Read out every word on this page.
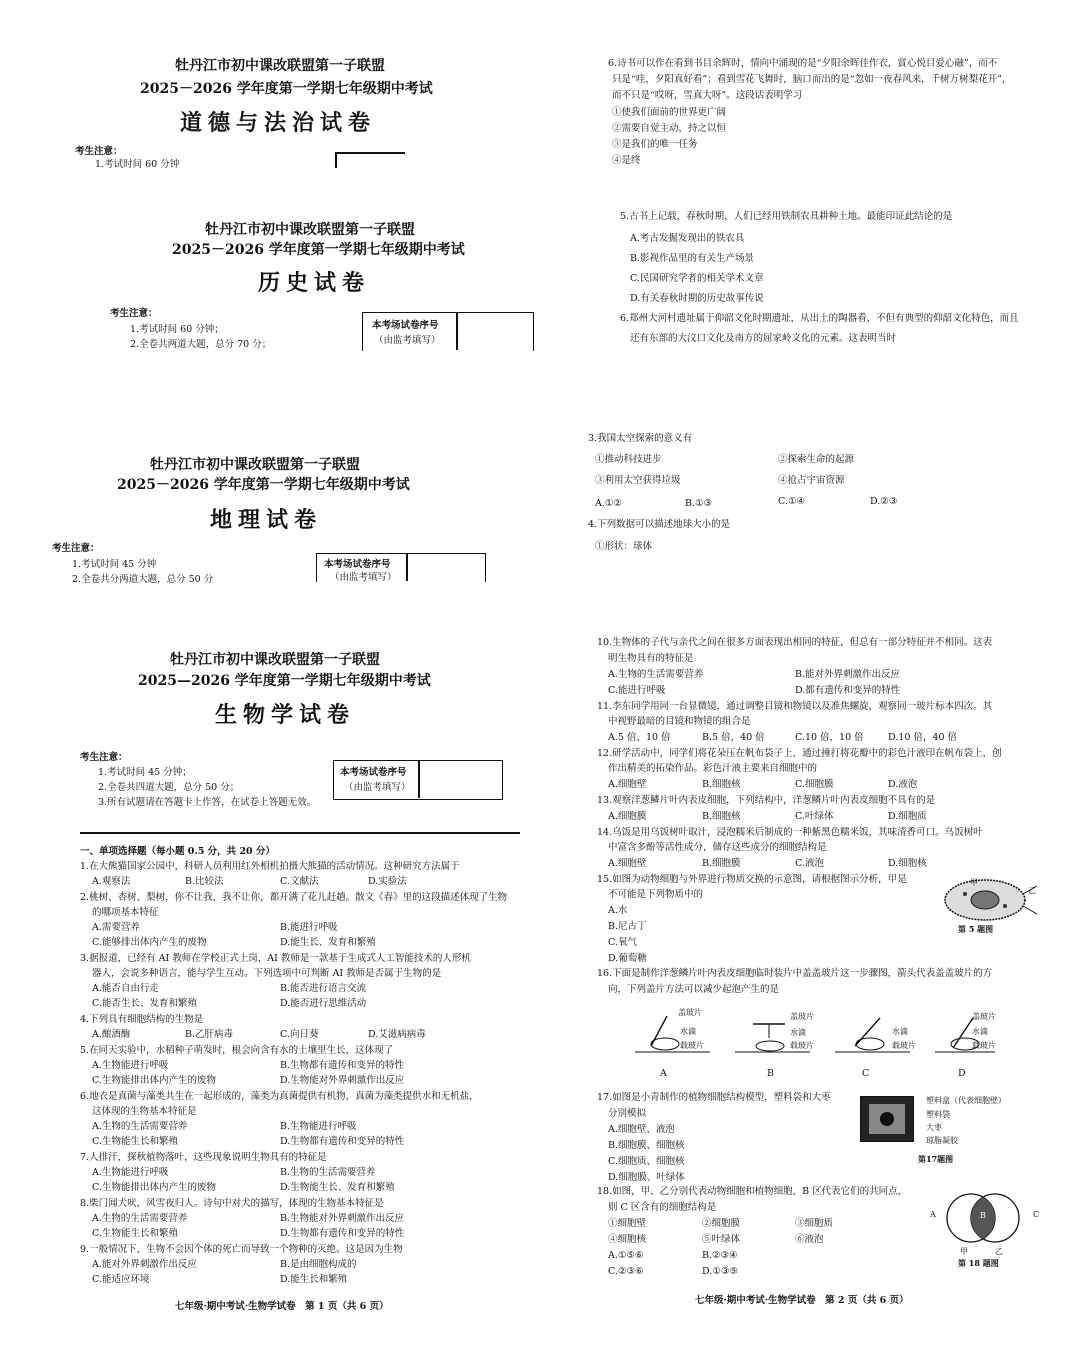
牡丹江市初中课改联盟第一子联盟
2025－2026 学年度第一学期七年级期中考试
道德与法治试卷
考生注意：
1.考试时间 60 分钟
牡丹江市初中课改联盟第一子联盟
2025－2026 学年度第一学期七年级期中考试
历史试卷
考生注意：
1.考试时间 60 分钟；
2.全卷共两道大题，总分 70 分；
本考场试卷序号
（由监考填写）
牡丹江市初中课改联盟第一子联盟
2025－2026 学年度第一学期七年级期中考试
地理试卷
考生注意：
1.考试时间 45 分钟
2.全卷共分两道大题，总分 50 分
本考场试卷序号
（由监考填写）
牡丹江市初中课改联盟第一子联盟
2025—2026 学年度第一学期七年级期中考试
生物学试卷
考生注意：
1.考试时间 45 分钟；
2.全卷共四道大题，总分 50 分；
3.所有试题请在答题卡上作答，在试卷上答题无效。
本考场试卷序号
（由监考填写）
一、单项选择题（每小题 0.5 分，共 20 分）
1.在大熊猫国家公园中，科研人员利用红外相机拍摄大熊猫的活动情况。这种研究方法属于
A.观察法	B.比较法	C.文献法	D.实验法
2.桃树、杏树、梨树，你不让我，我不让你，都开满了花儿赶趟。散文《春》里的这段描述体现了生物
的哪项基本特征
A.需要营养	B.能进行呼吸
C.能够排出体内产生的废物	D.能生长、发育和繁殖
3.据报道，已经有 AI 教师在学校正式上岗，AI 教师是一款基于生成式人工智能技术的人形机
器人，会说多种语言，能与学生互动。下列选项中可判断 AI 教师是否属于生物的是
A.能否自由行走	B.能否进行语言交流
C.能否生长、发育和繁殖	D.能否进行思维活动
4.下列具有细胞结构的生物是
A.酿酒酶	B.乙肝病毒	C.向日葵	D.艾滋病病毒
5.在同天实验中，水稻种子萌发时，根会向含有水的土壤里生长，这体现了
A.生物能进行呼吸	B.生物都有遗传和变异的特性
C.生物能排出体内产生的废物	D.生物能对外界刺激作出反应
6.地衣是真菌与藻类共生在一起形成的，藻类为真菌提供有机物，真菌为藻类提供水和无机盐，
这体现的生物基本特征是
A.生物的生活需要营养	B.生物能进行呼吸
C.生物能生长和繁殖	D.生物都有遗传和变异的特性
7.人排汗，探秋植物落叶，这些现象说明生物具有的特征是
A.生物能进行呼吸	B.生物的生活需要营养
C.生物能排出体内产生的废物	D.生物能生长、发育和繁殖
8.柴门闻犬吠，风雪夜归人。诗句中对犬的描写，体现的生物基本特征是
A.生物的生活需要营养	B.生物能对外界刺激作出反应
C.生物能生长和繁殖	D.生物都有遗传和变异的特性
9.一般情况下，生物不会因个体的死亡而导致一个物种的灭绝。这是因为生物
A.能对外界刺激作出反应	B.是由细胞构成的
C.能适应环境	D.能生长和繁殖
七年级·期中考试·生物学试卷　第 1 页（共 6 页）
6.诗书可以作在看到书目余辉时，情向中涌现的是“夕阳余晖佳作衣，賞心悦目爱心融”，而不
只是“哇，夕阳真好看”；看到雪花飞舞时，脑口而出的是“忽如一夜春风来，千树万树梨花开”，
而不只是“哎呀，雪真大呀”。这段话表明学习
①使我们面前的世界更广阔
②需要自觉主动，持之以恒
③是我们的唯一任务
④是终
5.古书上记载，春秋时期，人们已经用铁制农具耕种土地。最能印证此结论的是
A.考古发掘发现出的铁农具
B.影视作品里的有关生产场景
C.民国研究学者的相关学术文章
D.有关春秋时期的历史故事传说
6.郑州大河村遗址属于仰韶文化时期遗址，从出土的陶器看，不但有典型的仰韶文化特色，而且
还有东部的大汶口文化及南方的屈家岭文化的元素。这表明当时
3.我国太空探索的意义有
①推动科技进步	②探索生命的起源
③利用太空获得垃圾	④抢占宇宙资源
A.①②	B.①③	C.①④	D.②③
4.下列数据可以描述地球大小的是
①形状：球体
10.生物体的子代与亲代之间在很多方面表现出相同的特征，但总有一部分特征并不相同。这表
明生物具有的特征是
A.生物的生活需要营养	B.能对外界刺激作出反应
C.能进行呼吸	D.都有遗传和变异的特性
11.李东同学用同一台显微镜，通过调整目镜和物镜以及准焦螺旋，观察同一玻片标本四次。其
中视野最暗的目镜和物镜的组合是
A.5 倍，10 倍	B.5 倍，40 倍	C.10 倍，10 倍	D.10 倍，40 倍
12.研学活动中，同学们将花朵压在帆布袋子上，通过捶打将花瓣中的彩色汁液印在帆布袋上，创
作出精美的拓染作品。彩色汁液主要来自细胞中的
A.细胞壁	B.细胞核	C.细胞膜	D.液泡
13.观察洋葱鳞片叶内表皮细胞，下列结构中，洋葱鳞片叶内表皮细胞不具有的是
A.细胞膜	B.细胞核	C.叶绿体	D.细胞质
14.乌饭是用乌饭树叶取汁，浸泡糯米后制成的一种紫黑色糯米饭，其味清香可口。乌饭树叶
中富含多酚等活性成分，储存这些成分的细胞结构是
A.细胞壁	B.细胞膜	C.液泡	D.细胞核
15.如图为动物细胞与外界进行物质交换的示意图，请根据图示分析，甲是
不可能是下列物质中的
A.水
B.尼古丁
C.氧气
D.葡萄糖
甲
乙
第 5 题图
16.下面是制作洋葱鳞片叶内表皮细胞临时装片中盖盖玻片这一步骤图，箭头代表盖盖玻片的方
向，下列盖片方法可以减少起泡产生的是
盖玻片
水滴
载玻片
盖玻片
水滴
载玻片
水滴
载玻片
盖玻片
水滴
载玻片
A	B	C	D
17.如图是小青制作的植物细胞结构模型，塑料袋和大枣
分别模拟
A.细胞壁、液泡
B.细胞膜、细胞核
C.细胞质、细胞核
D.细胞膜、叶绿体
塑料盒（代表细胞壁）
塑料袋
大枣
琼脂凝胶
第17题图
18.如图，甲、乙分别代表动物细胞和植物细胞，B 区代表它们的共同点，
则 C 区含有的细胞结构是
①细胞壁	②细胞膜	③细胞质
④细胞核	⑤叶绿体	⑥液泡
A.①⑤⑥	B.②③④
C.②③⑥	D.①③⑤
A	B	C
甲	乙
第 18 题图
七年级·期中考试·生物学试卷　第 2 页（共 6 页）
